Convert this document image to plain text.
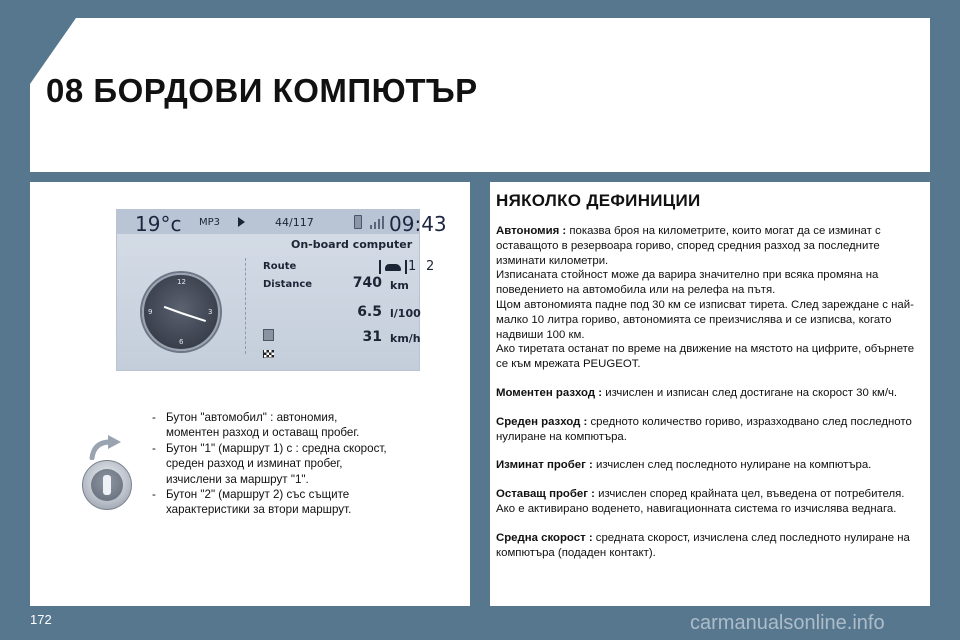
08 БОРДОВИ КОМПЮТЪР
19°c MP3	44/117	09:43
On-board computer
Route
Distance
1 2
740 km
6.5 l/100
31 km/h
12
3
6
9
- Бутон "автомобил" : автономия, моментен разход и оставащ пробег.
- Бутон "1" (маршрут 1) с : средна скорост, среден разход и изминат пробег, изчислени за маршрут "1".
- Бутон "2" (маршрут 2) със същите характеристики за втори маршрут.
НЯКОЛКО ДЕФИНИЦИИ

Автономия : показва броя на километрите, които могат да се изминат с оставащото в резервоара гориво, според средния разход за последните изминати километри.
Изписаната стойност може да варира значително при всяка промяна на поведението на автомобила или на релефа на пътя.
Щом автономията падне под 30 км се изписват тирета. След зареждане с най-малко 10 литра гориво, автономията се преизчислява и се изписва, когато надвиши 100 км.
Ако тиретата останат по време на движение на мястото на цифрите, обърнете се към мрежата PEUGEOT.

Моментен разход : изчислен и изписан след достигане на скорост 30 км/ч.

Среден разход : средното количество гориво, изразходвано след последното нулиране на компютъра.

Изминат пробег : изчислен след последното нулиране на компютъра.

Оставащ пробег : изчислен според крайната цел, въведена от потребителя. Ако е активирано воденето, навигационната система го изчислява веднага.

Средна скорост : средната скорост, изчислена след последното нулиране на компютъра (подаден контакт).

172	carmanualsonline.info
